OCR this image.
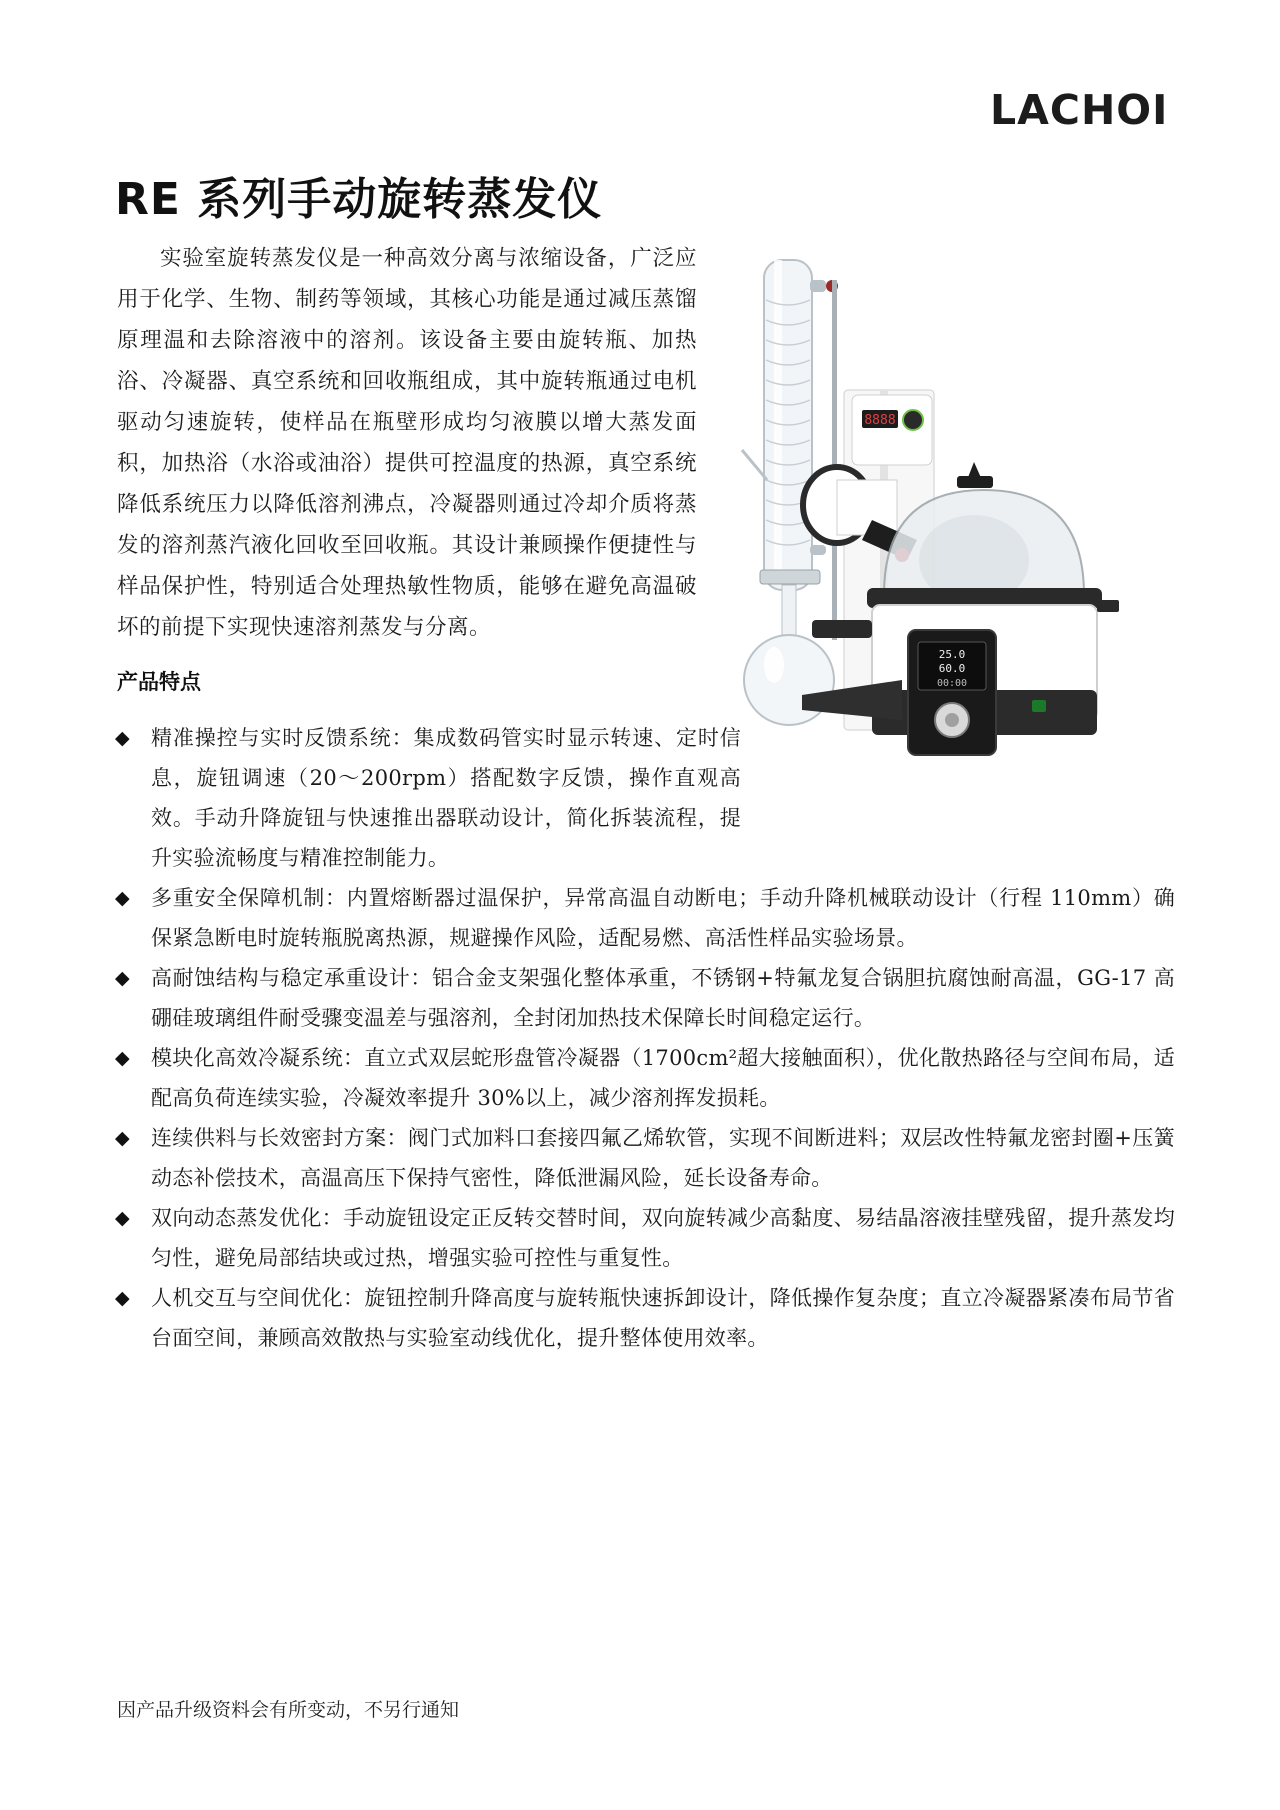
LACHOI
RE 系列手动旋转蒸发仪

实验室旋转蒸发仪是一种高效分离与浓缩设备，广泛应用于化学、生物、制药等领域，其核心功能是通过减压蒸馏原理温和去除溶液中的溶剂。该设备主要由旋转瓶、加热浴、冷凝器、真空系统和回收瓶组成，其中旋转瓶通过电机驱动匀速旋转，使样品在瓶壁形成均匀液膜以增大蒸发面积，加热浴（水浴或油浴）提供可控温度的热源，真空系统降低系统压力以降低溶剂沸点，冷凝器则通过冷却介质将蒸发的溶剂蒸汽液化回收至回收瓶。其设计兼顾操作便捷性与样品保护性，特别适合处理热敏性物质，能够在避免高温破坏的前提下实现快速溶剂蒸发与分离。

8888
25.0
60.0
00:00
产品特点
◆ 精准操控与实时反馈系统：集成数码管实时显示转速、定时信息，旋钮调速（20～200rpm）搭配数字反馈，操作直观高效。手动升降旋钮与快速推出器联动设计，简化拆装流程，提升实验流畅度与精准控制能力。
◆ 多重安全保障机制：内置熔断器过温保护，异常高温自动断电；手动升降机械联动设计（行程 110mm）确保紧急断电时旋转瓶脱离热源，规避操作风险，适配易燃、高活性样品实验场景。
◆ 高耐蚀结构与稳定承重设计：铝合金支架强化整体承重，不锈钢+特氟龙复合锅胆抗腐蚀耐高温，GG-17 高硼硅玻璃组件耐受骤变温差与强溶剂，全封闭加热技术保障长时间稳定运行。
◆ 模块化高效冷凝系统：直立式双层蛇形盘管冷凝器（1700cm²超大接触面积），优化散热路径与空间布局，适配高负荷连续实验，冷凝效率提升 30%以上，减少溶剂挥发损耗。
◆ 连续供料与长效密封方案：阀门式加料口套接四氟乙烯软管，实现不间断进料；双层改性特氟龙密封圈+压簧动态补偿技术，高温高压下保持气密性，降低泄漏风险，延长设备寿命。
◆ 双向动态蒸发优化：手动旋钮设定正反转交替时间，双向旋转减少高黏度、易结晶溶液挂壁残留，提升蒸发均匀性，避免局部结块或过热，增强实验可控性与重复性。
◆ 人机交互与空间优化：旋钮控制升降高度与旋转瓶快速拆卸设计，降低操作复杂度；直立冷凝器紧凑布局节省台面空间，兼顾高效散热与实验室动线优化，提升整体使用效率。

因产品升级资料会有所变动，不另行通知
